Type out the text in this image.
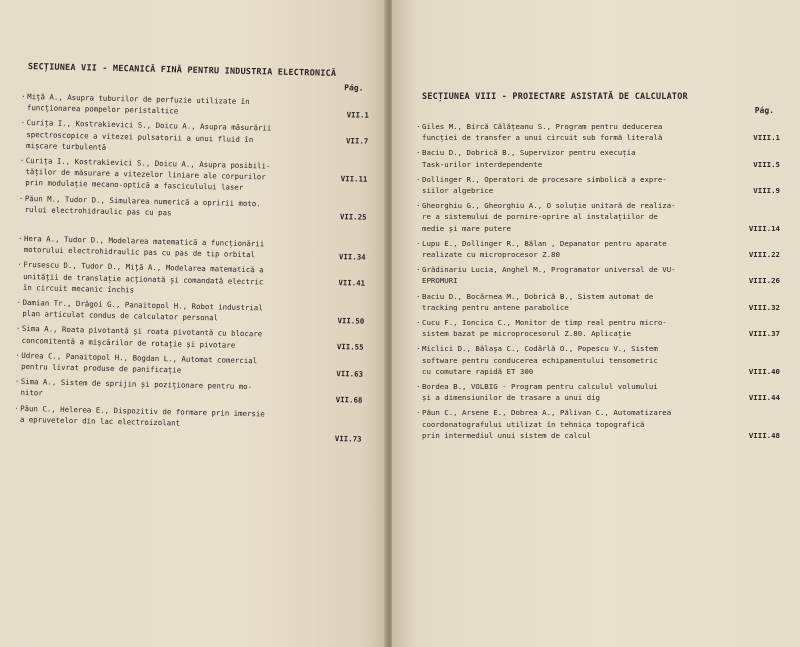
SECȚIUNEA VII - MECANICĂ FINĂ PENTRU INDUSTRIA ELECTRONICĂ
Pág.
· Mițã A., Asupra tuburilor de perfuzie utilizate în
funcționarea pompelor peristaltice	VII.1
· Curița I., Kostrakievici S., Doicu A., Asupra măsurării
spectroscopice a vitezei pulsatorii a unui fluid în
mișcare turbulentă	VII.7
· Curița I., Kostrakievici S., Doicu A., Asupra posibili-
tăților de măsurare a vitezelor liniare ale corpurilor
prin modulație mecano-optică a fasciculului laser	VII.11
· Păun M., Tudor D., Simularea numerică a opririi moto.
rului electrohidraulic pas cu pas	VII.25
· Hera A., Tudor D., Modelarea matematică a funcționării
motorului electrohidraulic pas cu pas de tip orbital	VII.34
· Frusescu D., Tudor D., Mițã A., Modelarea matematică a
unității de translație acționată și comandată electric
în circuit mecanic închis	VII.41
· Damian Tr., Drăgoi G., Panaitopol H., Robot industrial
plan articulat condus de calculator personal	VII.50
· Sima A., Roata pivotantă și roata pivotantă cu blocare
concomitentă a mișcărilor de rotație și pivotare	VII.55
· Udrea C., Panaitopol H., Bogdan L., Automat comercial
pentru livrat produse de panificație	VII.63
· Sima A., Sistem de sprijin și poziționare pentru mo-
nitor
VII.68
· Păun C., Helerea E., Dispozitiv de formare prin imersie
a epruvetelor din lac electroizolant
VII.73
SECȚIUNEA VIII - PROIECTARE ASISTATĂ DE CALCULATOR
Pág.
· Giles M., Bircă Călățeanu S., Program pentru deducerea
funcției de transfer a unui circuit sub formă literală	VIII.1
· Baciu D., Dobrică B., Supervizor pentru execuția
Task-urilor interdependente	VIII.5
· Dollinger R., Operatori de procesare simbolică a expre-
siilor algebrice	VIII.9
· Gheorghiu G., Gheorghiu A., O soluție unitară de realiza-
re a sistemului de pornire-oprire al instalațiilor de
medie și mare putere	VIII.14
· Lupu E., Dollinger R., Bălan , Depanator pentru aparate
realizate cu microprocesor Z.80	VIII.22
· Grădinariu Lucia, Anghel M., Programator universal de VU-
EPROMURI	VIII.26
· Baciu D., Bocârnea M., Dobrică B., Sistem automat de
tracking pentru antene parabolice	VIII.32
· Cucu F., Ioncica C., Monitor de timp real pentru micro-
sistem bazat pe microprocesorul Z.80. Aplicație	VIII.37
· Miclici D., Bălașa C., Codârlă O., Popescu V., Sistem
software pentru conducerea echipamentului tensometric
cu comutare rapidă ET 300	VIII.40
· Bordea B., VOLBIG - Program pentru calculul volumului
și a dimensiunilor de trasare a unui dig	VIII.44
· Păun C., Arsene E., Dobrea A., Pălivan C., Automatizarea
coordonatografului utilizat în tehnica topografică
prin intermediul unui sistem de calcul	VIII.48
